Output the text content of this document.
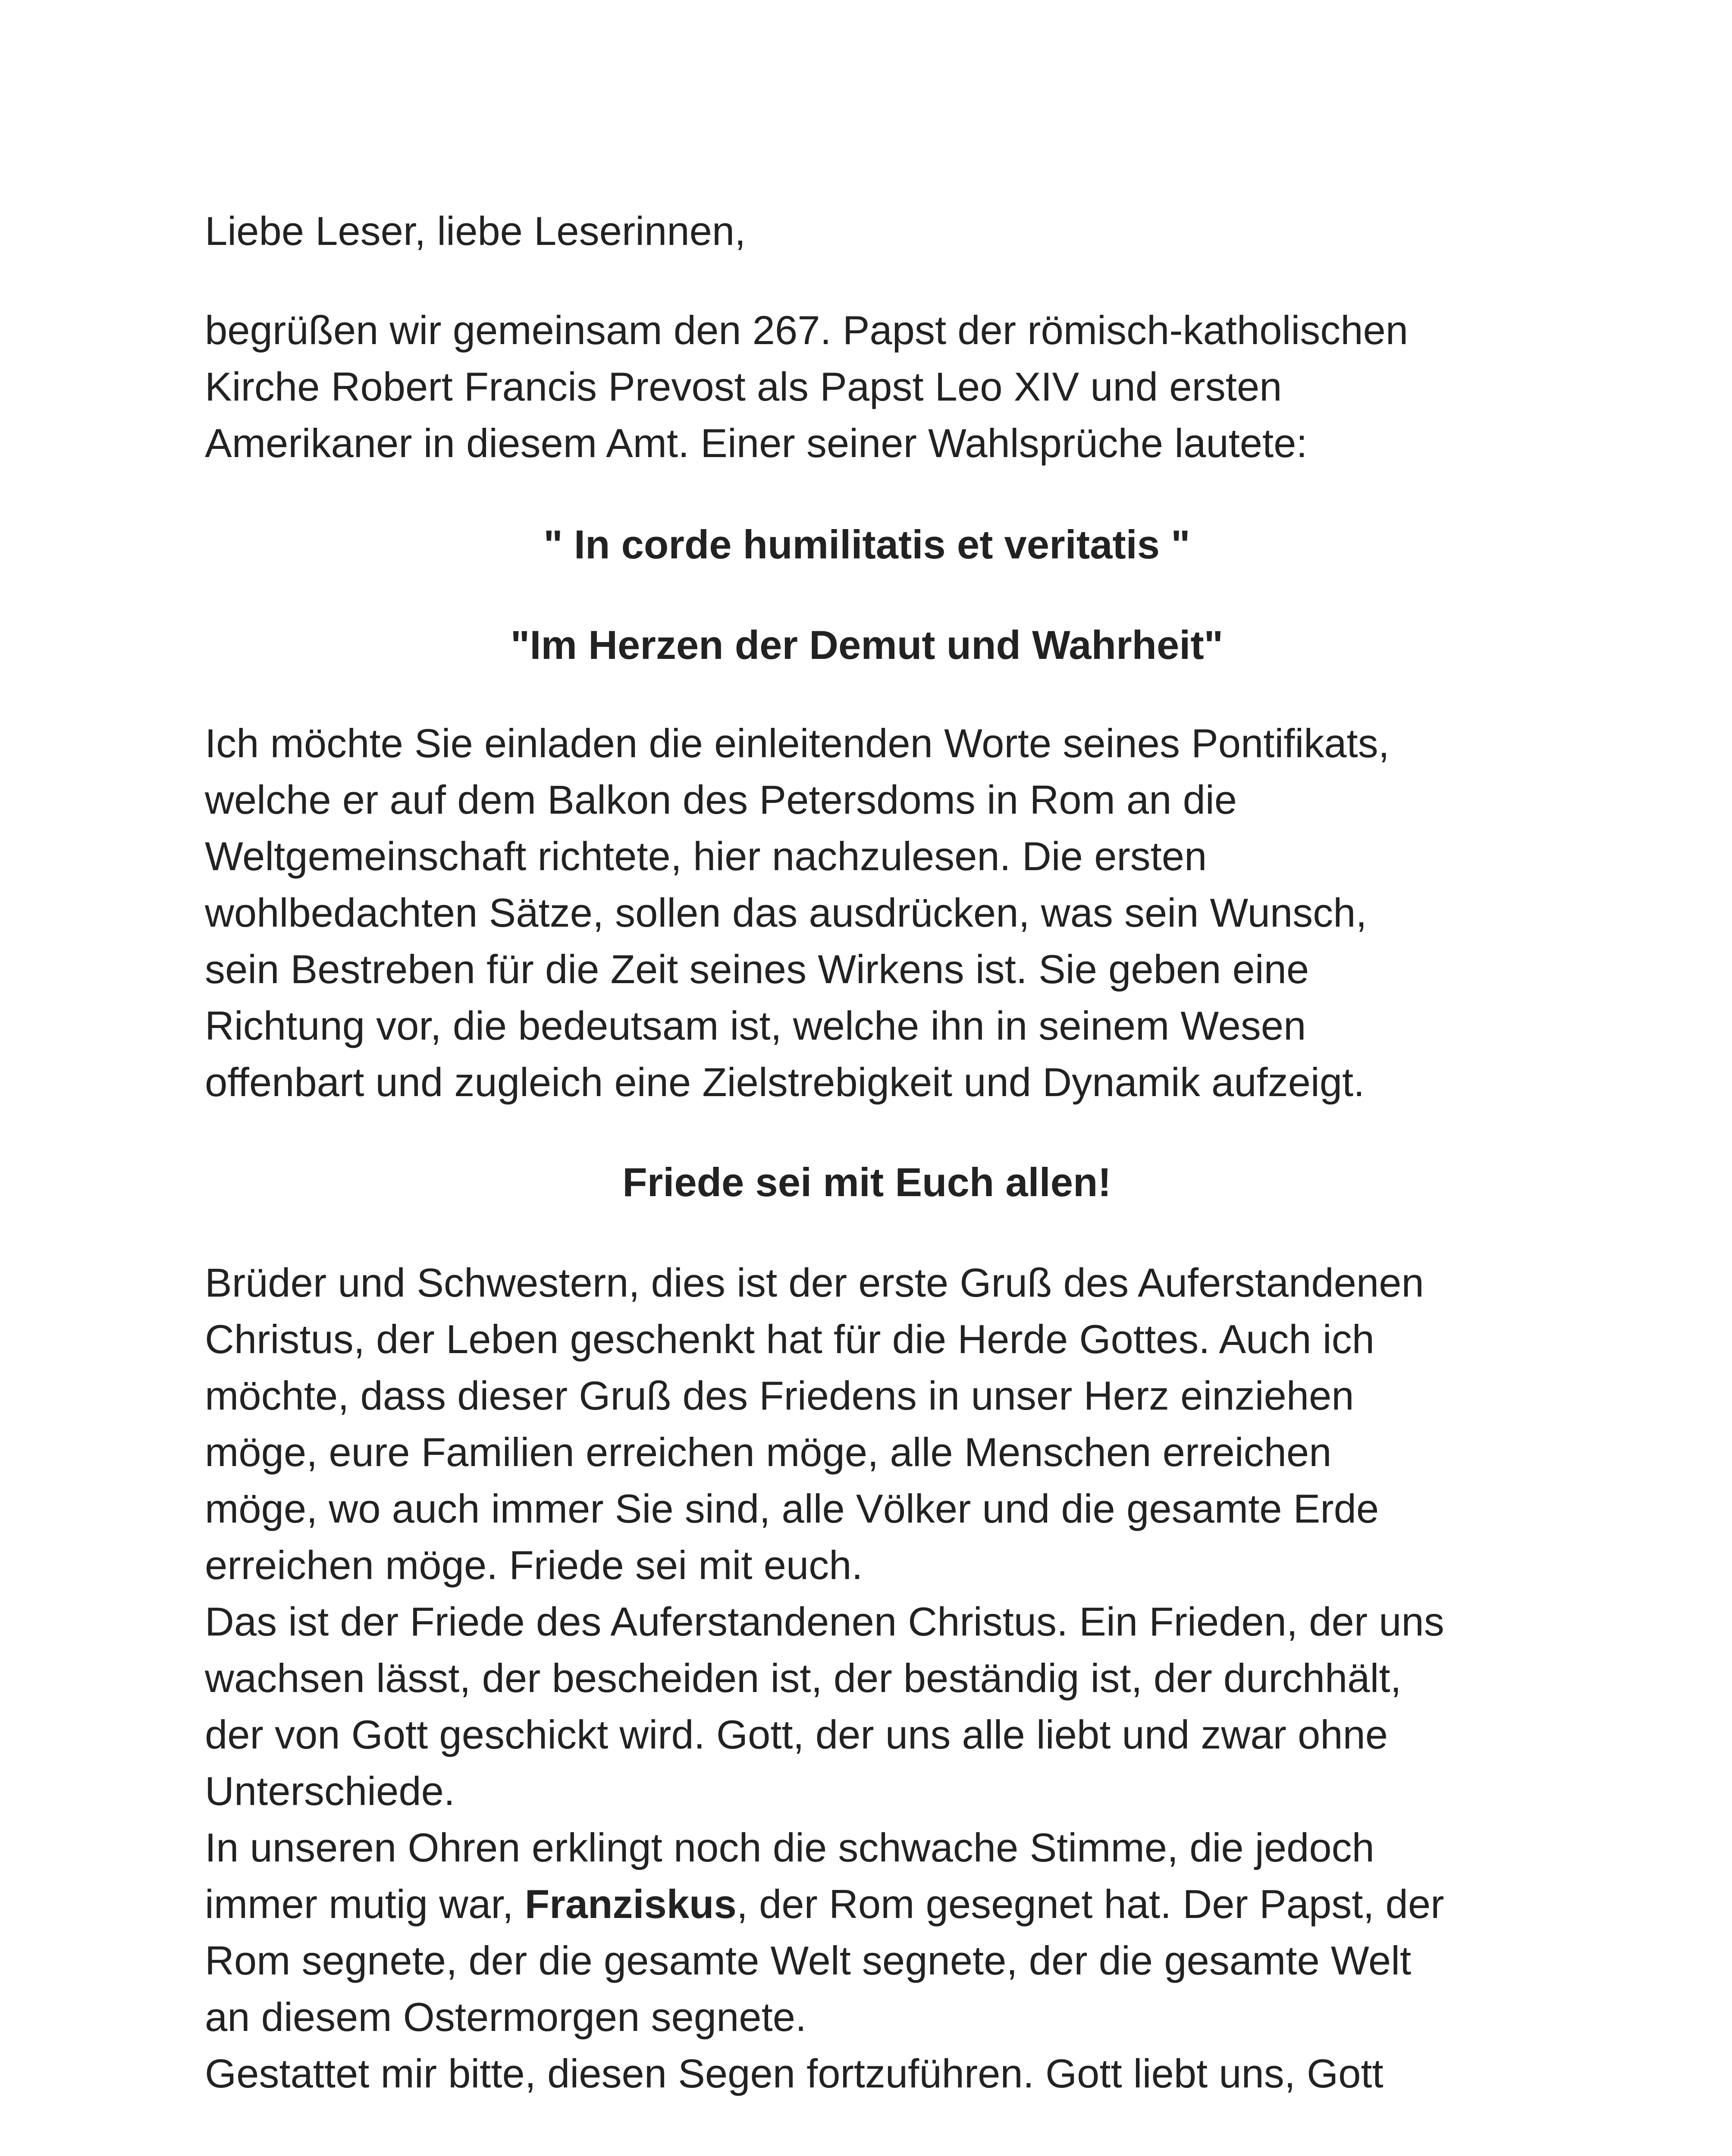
Liebe Leser, liebe Leserinnen,

begrüßen wir gemeinsam den 267. Papst der römisch-katholischen
Kirche Robert Francis Prevost als Papst Leo XIV und ersten
Amerikaner in diesem Amt. Einer seiner Wahlsprüche lautete:

" In corde humilitatis et veritatis "

"Im Herzen der Demut und Wahrheit"

Ich möchte Sie einladen die einleitenden Worte seines Pontifikats,
welche er auf dem Balkon des Petersdoms in Rom an die
Weltgemeinschaft richtete, hier nachzulesen. Die ersten
wohlbedachten Sätze, sollen das ausdrücken, was sein Wunsch,
sein Bestreben für die Zeit seines Wirkens ist. Sie geben eine
Richtung vor, die bedeutsam ist, welche ihn in seinem Wesen
offenbart und zugleich eine Zielstrebigkeit und Dynamik aufzeigt.

Friede sei mit Euch allen!

Brüder und Schwestern, dies ist der erste Gruß des Auferstandenen
Christus, der Leben geschenkt hat für die Herde Gottes. Auch ich
möchte, dass dieser Gruß des Friedens in unser Herz einziehen
möge, eure Familien erreichen möge, alle Menschen erreichen
möge, wo auch immer Sie sind, alle Völker und die gesamte Erde
erreichen möge. Friede sei mit euch.
Das ist der Friede des Auferstandenen Christus. Ein Frieden, der uns
wachsen lässt, der bescheiden ist, der beständig ist, der durchhält,
der von Gott geschickt wird. Gott, der uns alle liebt und zwar ohne
Unterschiede.
In unseren Ohren erklingt noch die schwache Stimme, die jedoch
immer mutig war, Franziskus, der Rom gesegnet hat. Der Papst, der
Rom segnete, der die gesamte Welt segnete, der die gesamte Welt
an diesem Ostermorgen segnete.
Gestattet mir bitte, diesen Segen fortzuführen. Gott liebt uns, Gott
